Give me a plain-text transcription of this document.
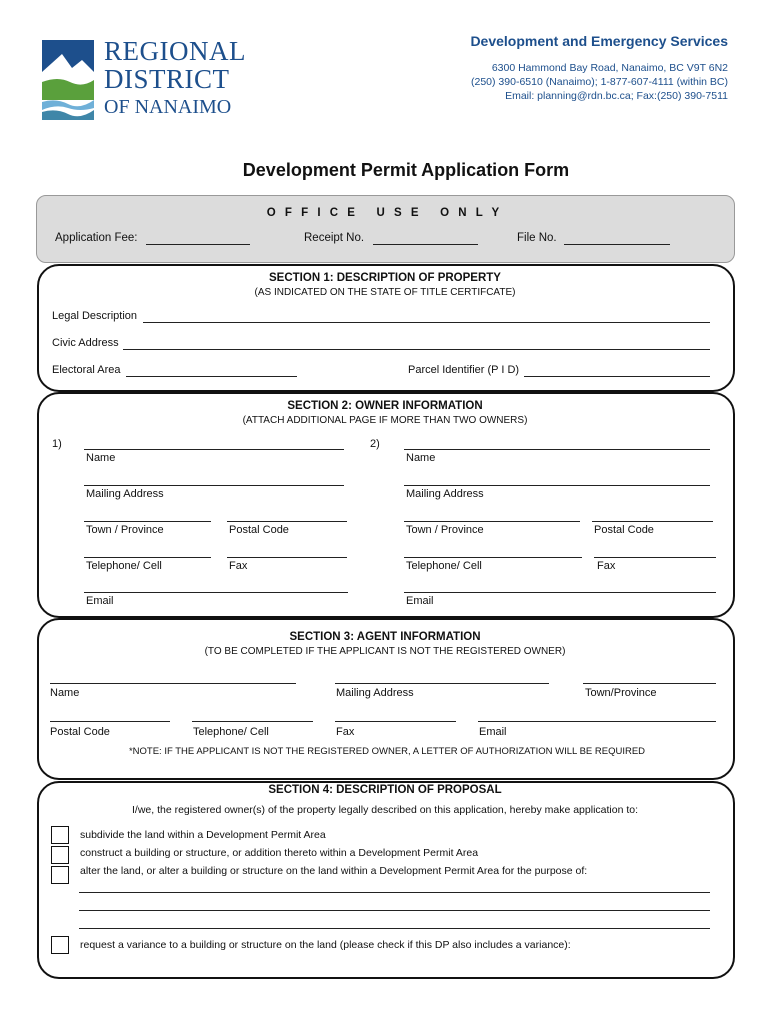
REGIONAL
DISTRICT
OF NANAIMO
Development and Emergency Services
6300 Hammond Bay Road, Nanaimo, BC V9T 6N2
(250) 390-6510 (Nanaimo); 1-877-607-4111 (within BC)
Email: planning@rdn.bc.ca; Fax:(250) 390-7511
Development Permit Application Form
O F F I C E   U S E   O N L Y
Application Fee:	Receipt No.	File No.
SECTION 1: DESCRIPTION OF PROPERTY
(AS INDICATED ON THE STATE OF TITLE CERTIFCATE)
Legal Description
Civic Address
Electoral Area	Parcel Identifier (P I D)
SECTION 2: OWNER INFORMATION
(ATTACH ADDITIONAL PAGE IF MORE THAN TWO OWNERS)
1)
Name
Mailing Address
Town / Province	Postal Code
Telephone/ Cell	Fax
Email
2)
Name
Mailing Address
Town / Province	Postal Code
Telephone/ Cell	Fax
Email
SECTION 3: AGENT INFORMATION
(TO BE COMPLETED IF THE APPLICANT IS NOT THE REGISTERED OWNER)
Name	Mailing Address	Town/Province
Postal Code	Telephone/ Cell	Fax	Email
*NOTE: IF THE APPLICANT IS NOT THE REGISTERED OWNER, A LETTER OF AUTHORIZATION WILL BE REQUIRED
SECTION 4: DESCRIPTION OF PROPOSAL
I/we, the registered owner(s) of the property legally described on this application, hereby make application to:
subdivide the land within a Development Permit Area
construct a building or structure, or addition thereto within a Development Permit Area
alter the land, or alter a building or structure on the land within a Development Permit Area for the purpose of:
request a variance to a building or structure on the land (please check if this DP also includes a variance):
